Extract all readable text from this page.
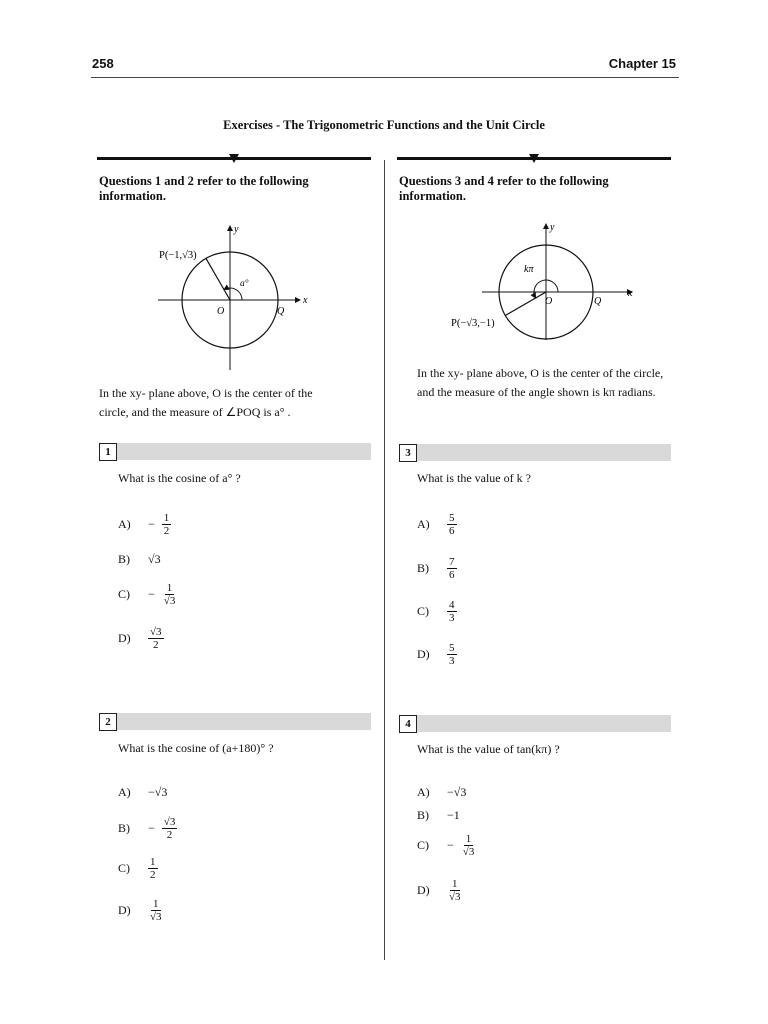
258	Chapter 15
Exercises - The Trigonometric Functions and the Unit Circle
Questions 1 and 2 refer to the following information.
y
x
P(−1,√3)
a°
O	Q
In the xy- plane above, O is the center of the circle, and the measure of ∠POQ is a° .
1
What is the cosine of a° ?
A)	− $\frac{1}{2}$
B)	√3
C)	− $\frac{1}{√3}$
D)	$\frac{√3}{2}$
2
What is the cosine of (a+180)° ?
A)	−√3
B)	− $\frac{√3}{2}$
C)	$\frac{1}{2}$
D)	$\frac{1}{√3}$
Questions 3 and 4 refer to the following information.
y
x
kπ
O	Q
P(−√3,−1)
In the xy- plane above, O is the center of the circle, and the measure of the angle shown is kπ radians.
3
What is the value of k ?
A)	$\frac{5}{6}$
B)	$\frac{7}{6}$
C)	$\frac{4}{3}$
D)	$\frac{5}{3}$
4
What is the value of tan(kπ) ?
A)	−√3
B)	−1
C)	− $\frac{1}{√3}$
D)	$\frac{1}{√3}$
